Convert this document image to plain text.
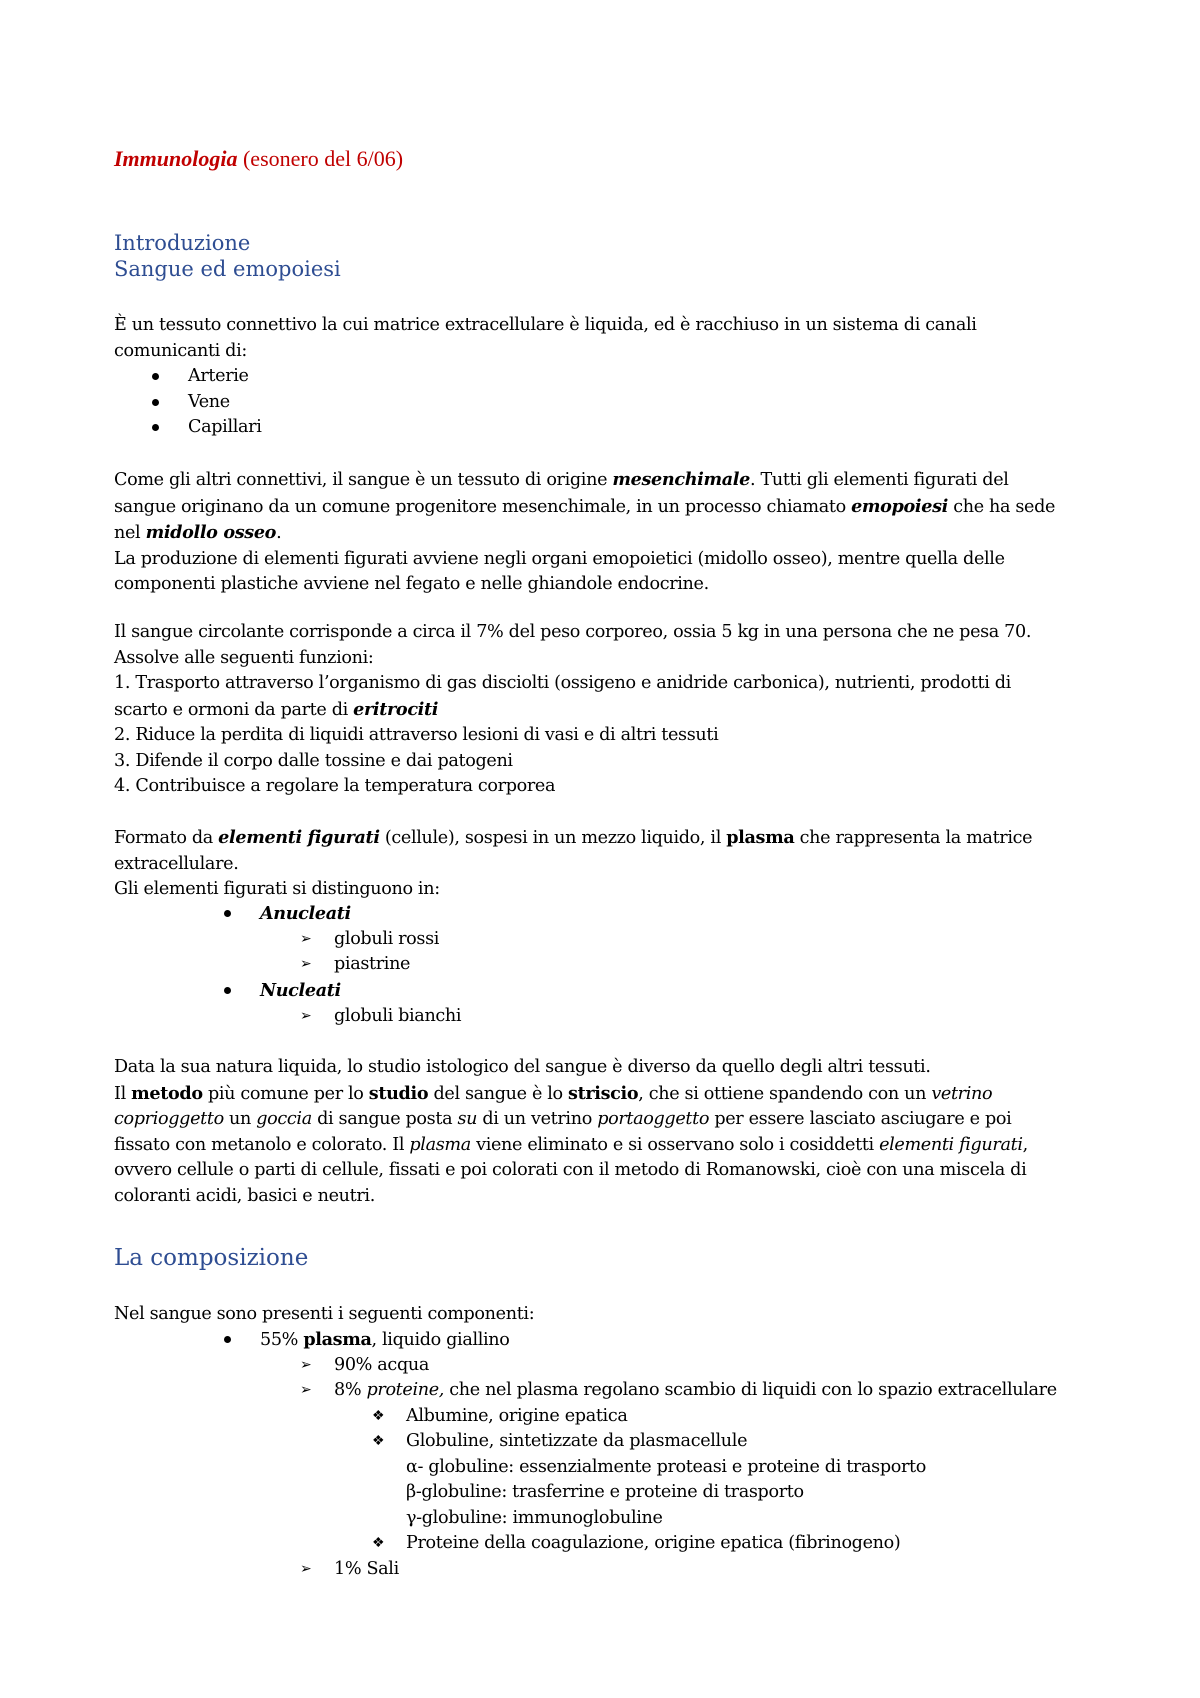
Immunologia (esonero del 6/06)
Introduzione
Sangue ed emopoiesi
È un tessuto connettivo la cui matrice extracellulare è liquida, ed è racchiuso in un sistema di canali
comunicanti di:
Arterie
Vene
Capillari
Come gli altri connettivi, il sangue è un tessuto di origine mesenchimale. Tutti gli elementi figurati del
sangue originano da un comune progenitore mesenchimale, in un processo chiamato emopoiesi che ha sede
nel midollo osseo.
La produzione di elementi figurati avviene negli organi emopoietici (midollo osseo), mentre quella delle
componenti plastiche avviene nel fegato e nelle ghiandole endocrine.
Il sangue circolante corrisponde a circa il 7% del peso corporeo, ossia 5 kg in una persona che ne pesa 70.
Assolve alle seguenti funzioni:
1. Trasporto attraverso l’organismo di gas disciolti (ossigeno e anidride carbonica), nutrienti, prodotti di
scarto e ormoni da parte di eritrociti
2. Riduce la perdita di liquidi attraverso lesioni di vasi e di altri tessuti
3. Difende il corpo dalle tossine e dai patogeni
4. Contribuisce a regolare la temperatura corporea
Formato da elementi figurati (cellule), sospesi in un mezzo liquido, il plasma che rappresenta la matrice
extracellulare.
Gli elementi figurati si distinguono in:
Anucleati
➢ globuli rossi
➢ piastrine
Nucleati
➢ globuli bianchi
Data la sua natura liquida, lo studio istologico del sangue è diverso da quello degli altri tessuti.
Il metodo più comune per lo studio del sangue è lo striscio, che si ottiene spandendo con un vetrino
coprioggetto un goccia di sangue posta su di un vetrino portaoggetto per essere lasciato asciugare e poi
fissato con metanolo e colorato. Il plasma viene eliminato e si osservano solo i cosiddetti elementi figurati,
ovvero cellule o parti di cellule, fissati e poi colorati con il metodo di Romanowski, cioè con una miscela di
coloranti acidi, basici e neutri.
La composizione
Nel sangue sono presenti i seguenti componenti:
55% plasma, liquido giallino
➢ 90% acqua
➢ 8% proteine, che nel plasma regolano scambio di liquidi con lo spazio extracellulare
❖ Albumine, origine epatica
❖ Globuline, sintetizzate da plasmacellule
α- globuline: essenzialmente proteasi e proteine di trasporto
β-globuline: trasferrine e proteine di trasporto
γ-globuline: immunoglobuline
❖ Proteine della coagulazione, origine epatica (fibrinogeno)
➢ 1% Sali
